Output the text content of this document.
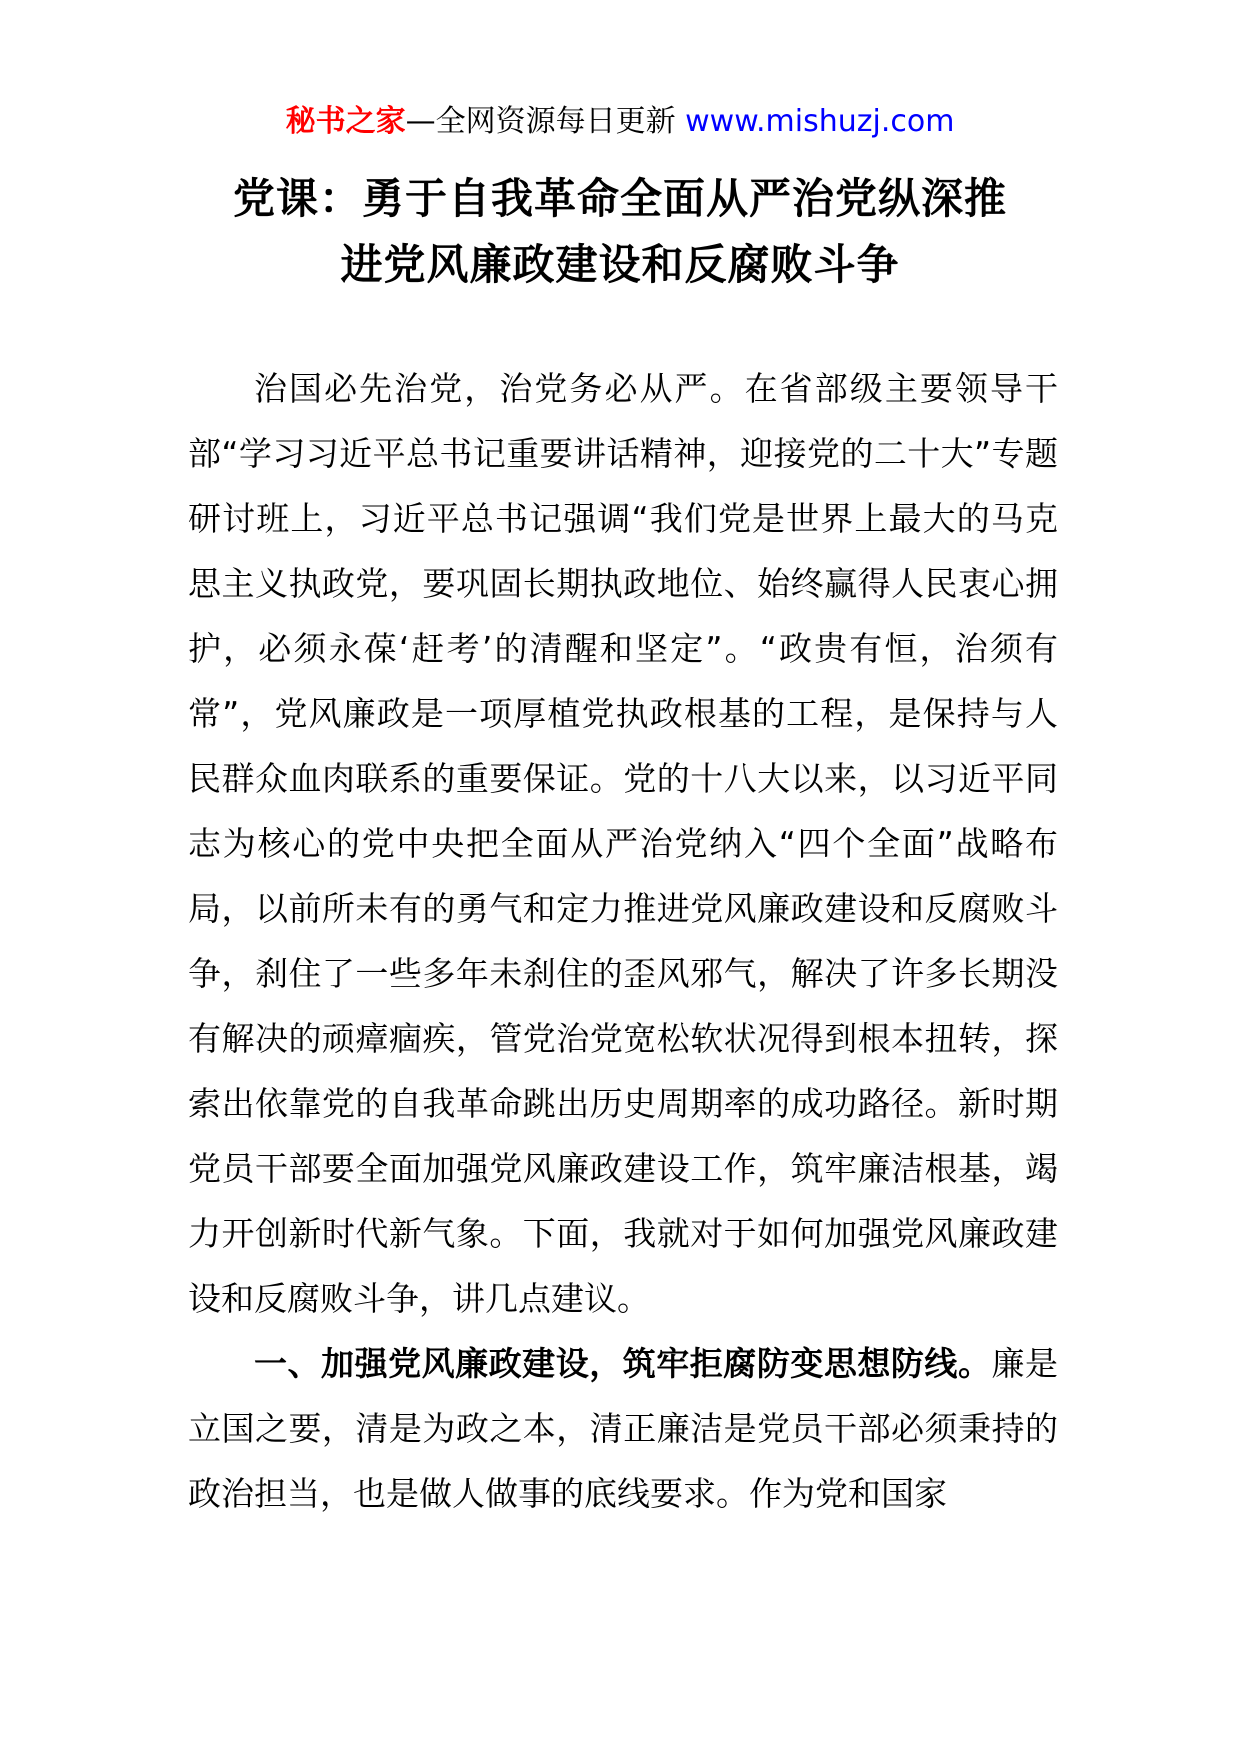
秘书之家—全网资源每日更新 www.mishuzj.com
党课：勇于自我革命全面从严治党纵深推
进党风廉政建设和反腐败斗争

治国必先治党，治党务必从严。在省部级主要领导干部“学习习近平总书记重要讲话精神，迎接党的二十大”专题研讨班上，习近平总书记强调“我们党是世界上最大的马克思主义执政党，要巩固长期执政地位、始终赢得人民衷心拥护，必须永葆‘赶考’的清醒和坚定”。“政贵有恒，治须有常”，党风廉政是一项厚植党执政根基的工程，是保持与人民群众血肉联系的重要保证。党的十八大以来，以习近平同志为核心的党中央把全面从严治党纳入“四个全面”战略布局，以前所未有的勇气和定力推进党风廉政建设和反腐败斗争，刹住了一些多年未刹住的歪风邪气，解决了许多长期没有解决的顽瘴痼疾，管党治党宽松软状况得到根本扭转，探索出依靠党的自我革命跳出历史周期率的成功路径。新时期党员干部要全面加强党风廉政建设工作，筑牢廉洁根基，竭力开创新时代新气象。下面，我就对于如何加强党风廉政建设和反腐败斗争，讲几点建议。

一、加强党风廉政建设，筑牢拒腐防变思想防线。廉是立国之要，清是为政之本，清正廉洁是党员干部必须秉持的政治担当，也是做人做事的底线要求。作为党和国家
